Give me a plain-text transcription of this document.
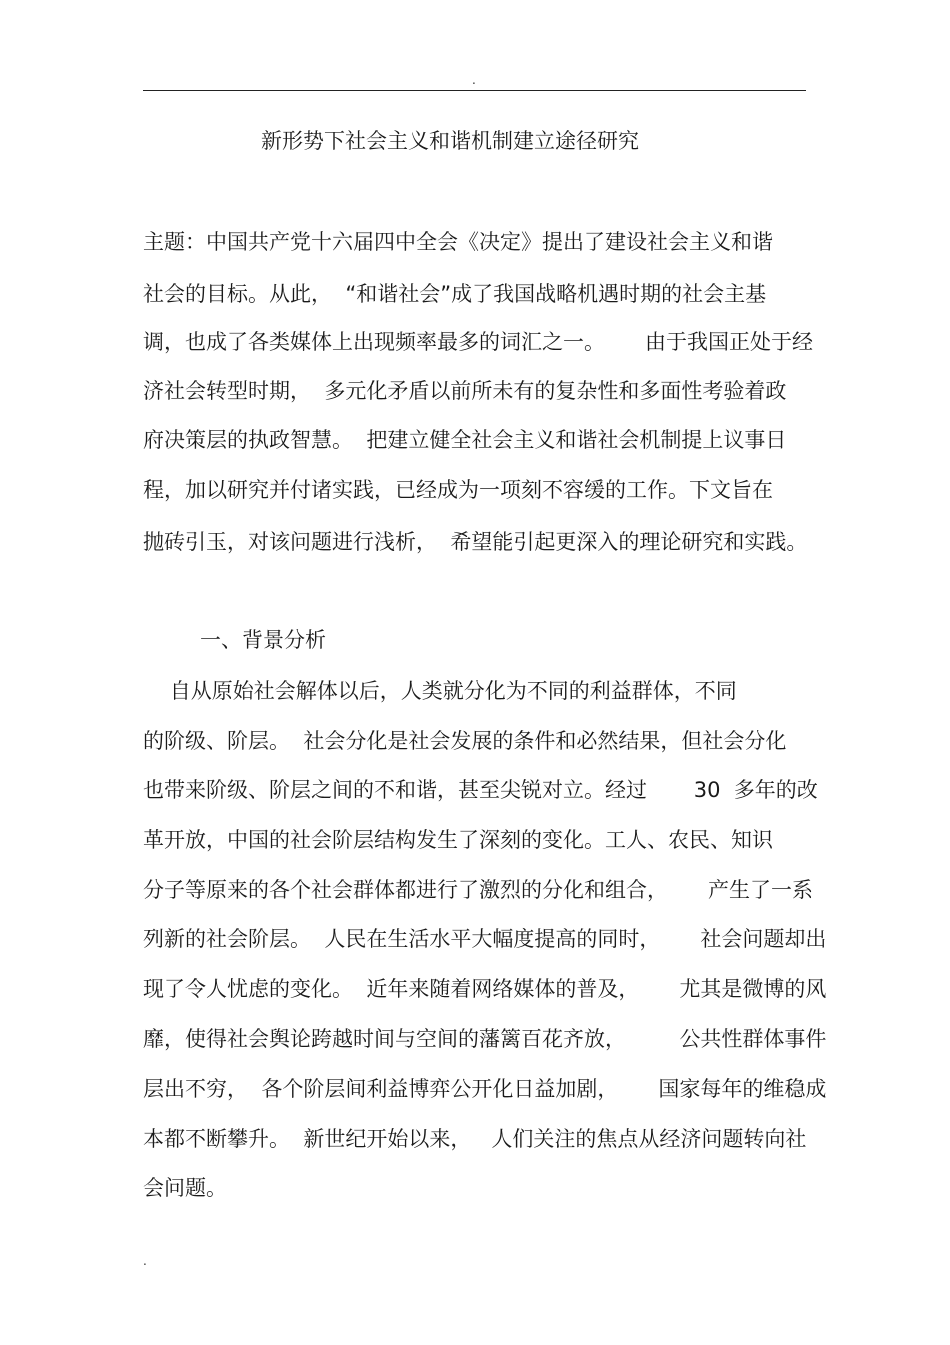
.
新形势下社会主义和谐机制建立途径研究
主题：中国共产党十六届四中全会《决定》提出了建设社会主义和谐
社会的目标。从此，  “和谐社会”成了我国战略机遇时期的社会主基
调，也成了各类媒体上出现频率最多的词汇之一。      由于我国正处于经
济社会转型时期，  多元化矛盾以前所未有的复杂性和多面性考验着政
府决策层的执政智慧。  把建立健全社会主义和谐社会机制提上议事日
程，加以研究并付诸实践，已经成为一项刻不容缓的工作。下文旨在
抛砖引玉，对该问题进行浅析，  希望能引起更深入的理论研究和实践。
一、背景分析
自从原始社会解体以后，人类就分化为不同的利益群体，不同
的阶级、阶层。  社会分化是社会发展的条件和必然结果，但社会分化
也带来阶级、阶层之间的不和谐，甚至尖锐对立。经过       30  多年的改
革开放，中国的社会阶层结构发生了深刻的变化。工人、农民、知识
分子等原来的各个社会群体都进行了激烈的分化和组合，      产生了一系
列新的社会阶层。  人民在生活水平大幅度提高的同时，      社会问题却出
现了令人忧虑的变化。  近年来随着网络媒体的普及，      尤其是微博的风
靡，使得社会舆论跨越时间与空间的藩篱百花齐放，        公共性群体事件
层出不穷，  各个阶层间利益博弈公开化日益加剧，      国家每年的维稳成
本都不断攀升。  新世纪开始以来，   人们关注的焦点从经济问题转向社
会问题。
.
